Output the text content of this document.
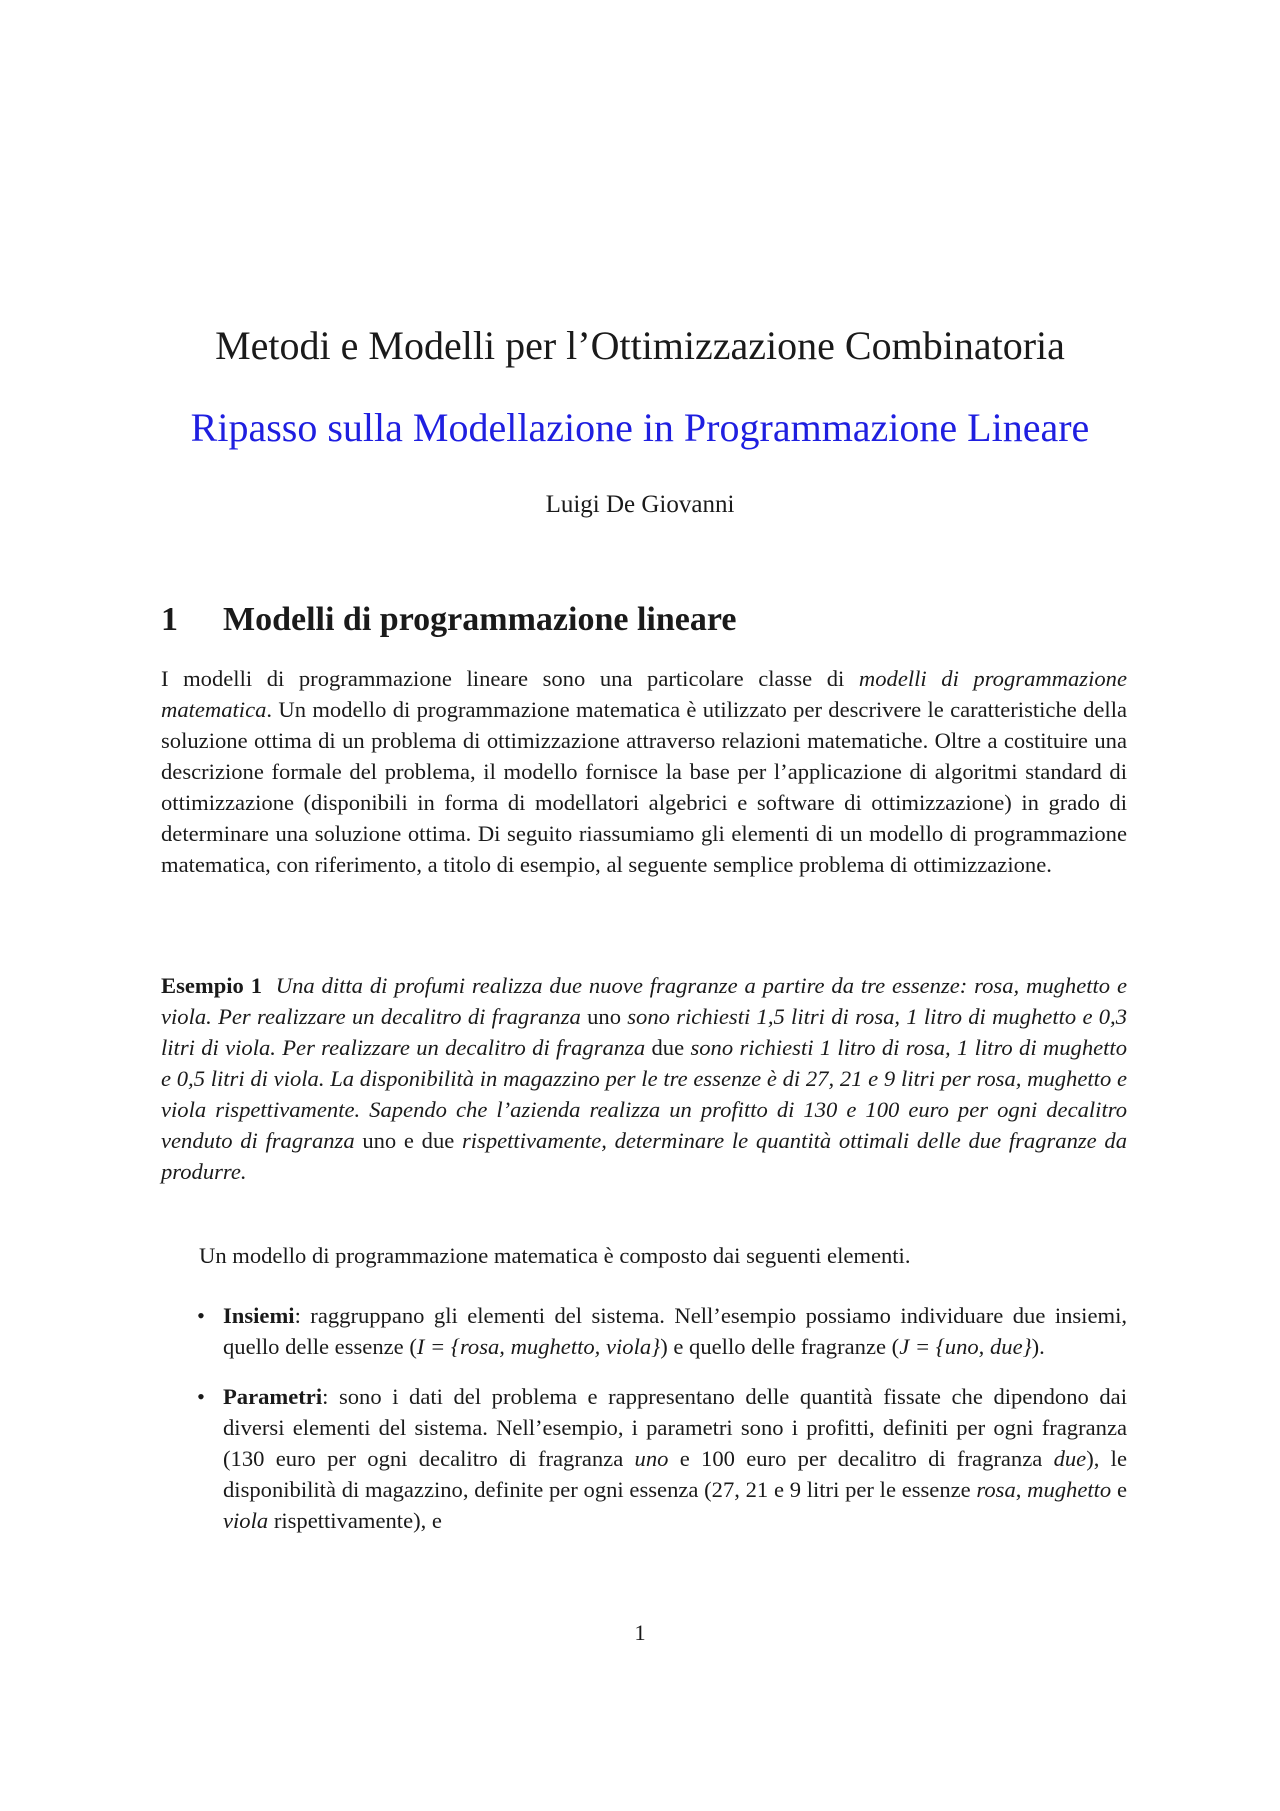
Metodi e Modelli per l’Ottimizzazione Combinatoria
Ripasso sulla Modellazione in Programmazione Lineare

Luigi De Giovanni

1 Modelli di programmazione lineare

I modelli di programmazione lineare sono una particolare classe di modelli di programmazione matematica. Un modello di programmazione matematica è utilizzato per descrivere le caratteristiche della soluzione ottima di un problema di ottimizzazione attraverso relazioni matematiche. Oltre a costituire una descrizione formale del problema, il modello fornisce la base per l’applicazione di algoritmi standard di ottimizzazione (disponibili in forma di modellatori algebrici e software di ottimizzazione) in grado di determinare una soluzione ottima. Di seguito riassumiamo gli elementi di un modello di programmazione matematica, con riferimento, a titolo di esempio, al seguente semplice problema di ottimizzazione.

Esempio 1 Una ditta di profumi realizza due nuove fragranze a partire da tre essenze: rosa, mughetto e viola. Per realizzare un decalitro di fragranza uno sono richiesti 1,5 litri di rosa, 1 litro di mughetto e 0,3 litri di viola. Per realizzare un decalitro di fragranza due sono richiesti 1 litro di rosa, 1 litro di mughetto e 0,5 litri di viola. La disponibilità in magazzino per le tre essenze è di 27, 21 e 9 litri per rosa, mughetto e viola rispettivamente. Sapendo che l’azienda realizza un profitto di 130 e 100 euro per ogni decalitro venduto di fragranza uno e due rispettivamente, determinare le quantità ottimali delle due fragranze da produrre.

Un modello di programmazione matematica è composto dai seguenti elementi.

• Insiemi: raggruppano gli elementi del sistema. Nell’esempio possiamo individuare due insiemi, quello delle essenze (I = {rosa, mughetto, viola}) e quello delle fragranze (J = {uno, due}).
• Parametri: sono i dati del problema e rappresentano delle quantità fissate che dipendono dai diversi elementi del sistema. Nell’esempio, i parametri sono i profitti, definiti per ogni fragranza (130 euro per ogni decalitro di fragranza uno e 100 euro per decalitro di fragranza due), le disponibilità di magazzino, definite per ogni essenza (27, 21 e 9 litri per le essenze rosa, mughetto e viola rispettivamente), e

1
